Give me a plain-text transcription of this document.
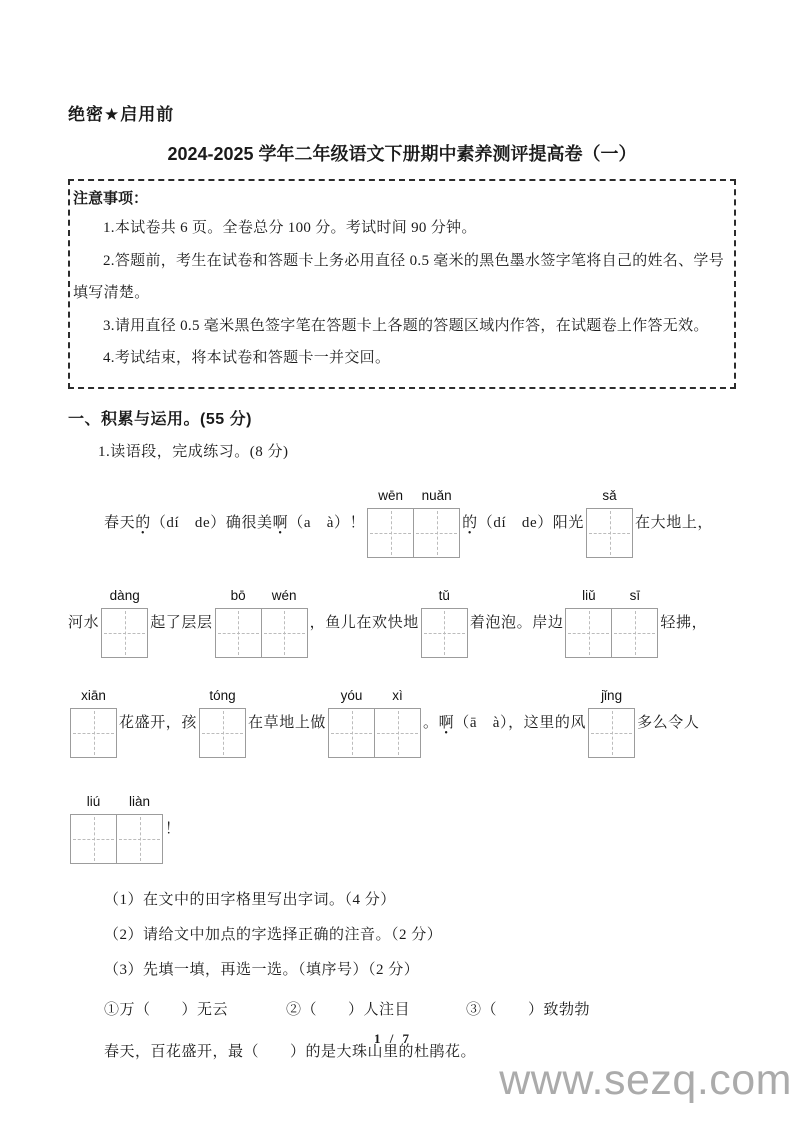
绝密★启用前
2024-2025 学年二年级语文下册期中素养测评提高卷（一）
注意事项：

1.本试卷共 6 页。全卷总分 100 分。考试时间 90 分钟。

2.答题前，考生在试卷和答题卡上务必用直径 0.5 毫米的黑色墨水签字笔将自己的姓名、学号填写清楚。

3.请用直径 0.5 毫米黑色签字笔在答题卡上各题的答题区域内作答，在试题卷上作答无效。

4.考试结束，将本试卷和答题卡一并交回。

一、积累与运用。(55 分)
1.读语段，完成练习。(8 分)
春天 的 • （dí　de）确很美 啊 • （a　à）！
wēn	nuǎn
的 • （dí　de）阳光
sǎ
在大地上，
河水
dàng
起了层层
bō	wén
，鱼儿在欢快地
tǔ
着泡泡。岸边
liǔ	sī
轻拂，
xiān
花盛开，孩
tóng
在草地上做
yóu	xì
。 啊 • （ā　à），这里的风
jǐng
多么令人
liú	liàn
！
（1）在文中的田字格里写出字词。（4 分）
（2）请给文中加点的字选择正确的注音。（2 分）
（3）先填一填，再选一选。（填序号）（2 分）
①万（　　）无云	②（　　）人注目	③（　　）致勃勃
春天，百花盛开，最（　　）的是大珠山里的杜鹃花。
1 / 7
www.sezq.com
